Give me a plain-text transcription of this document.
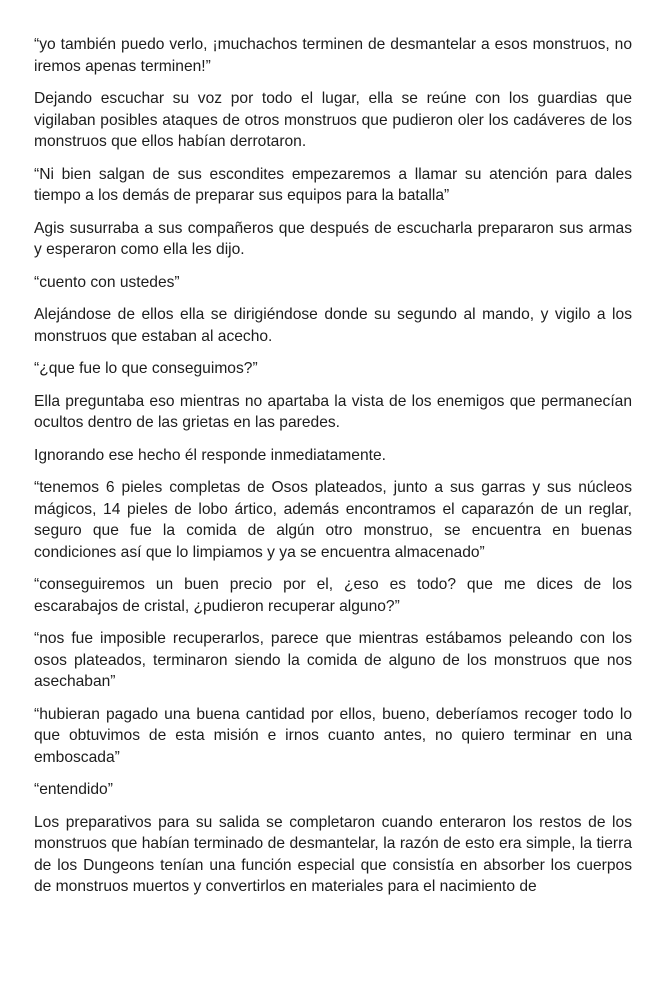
“yo también puedo verlo, ¡muchachos terminen de desmantelar a esos monstruos, no iremos apenas terminen!”

Dejando escuchar su voz por todo el lugar, ella se reúne con los guardias que vigilaban posibles ataques de otros monstruos que pudieron oler los cadáveres de los monstruos que ellos habían derrotaron.

“Ni bien salgan de sus escondites empezaremos a llamar su atención para dales tiempo a los demás de preparar sus equipos para la batalla”

Agis susurraba a sus compañeros que después de escucharla prepararon sus armas y esperaron como ella les dijo.

“cuento con ustedes”

Alejándose de ellos ella se dirigiéndose donde su segundo al mando, y vigilo a los monstruos que estaban al acecho.

“¿que fue lo que conseguimos?”

Ella preguntaba eso mientras no apartaba la vista de los enemigos que permanecían ocultos dentro de las grietas en las paredes.

Ignorando ese hecho él responde inmediatamente.

“tenemos 6 pieles completas de Osos plateados, junto a sus garras y sus núcleos mágicos, 14 pieles de lobo ártico, además encontramos el caparazón de un reglar, seguro que fue la comida de algún otro monstruo, se encuentra en buenas condiciones así que lo limpiamos y ya se encuentra almacenado”

“conseguiremos un buen precio por el, ¿eso es todo? que me dices de los escarabajos de cristal, ¿pudieron recuperar alguno?”

“nos fue imposible recuperarlos, parece que mientras estábamos peleando con los osos plateados, terminaron siendo la comida de alguno de los monstruos que nos asechaban”

“hubieran pagado una buena cantidad por ellos, bueno, deberíamos recoger todo lo que obtuvimos de esta misión e irnos cuanto antes, no quiero terminar en una emboscada”

“entendido”

Los preparativos para su salida se completaron cuando enteraron los restos de los monstruos que habían terminado de desmantelar, la razón de esto era simple, la tierra de los Dungeons tenían una función especial que consistía en absorber los cuerpos de monstruos muertos y convertirlos en materiales para el nacimiento de
